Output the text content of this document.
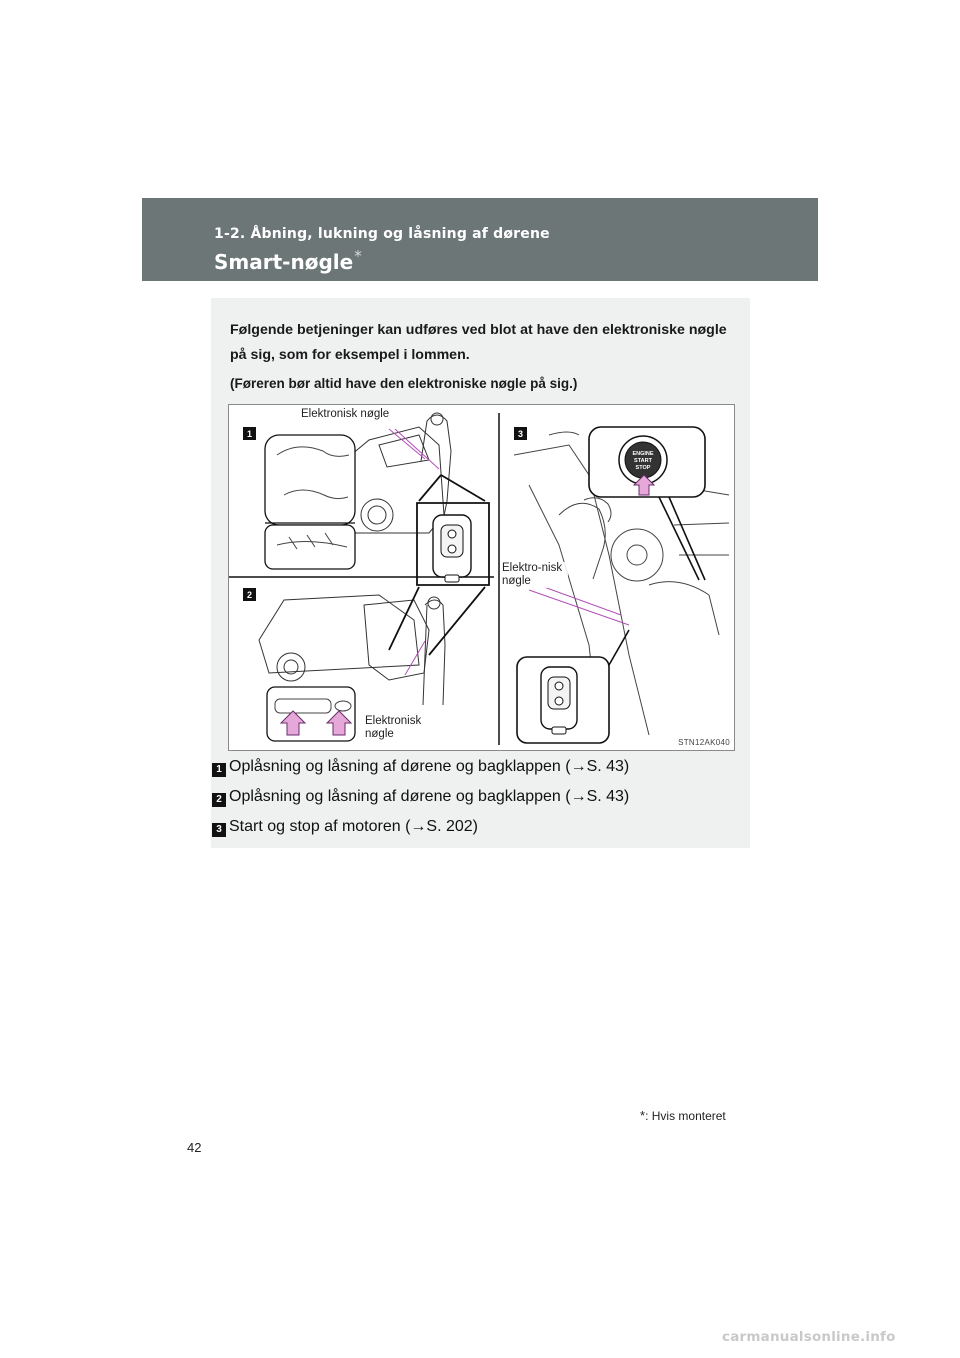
1-2. Åbning, lukning og låsning af dørene
Smart-nøgle*
Følgende betjeninger kan udføres ved blot at have den elektroniske nøgle på sig, som for eksempel i lommen.
(Føreren bør altid have den elektroniske nøgle på sig.)
1
2
3
ENGINE
START
STOP
Elektronisk nøgle
Elektronisk nøgle
Elektro-nisk nøgle
STN12AK040
1 Oplåsning og låsning af dørene og bagklappen (→S. 43)
2 Oplåsning og låsning af dørene og bagklappen (→S. 43)
3 Start og stop af motoren (→S. 202)
*: Hvis monteret
42
carmanualsonline.info
